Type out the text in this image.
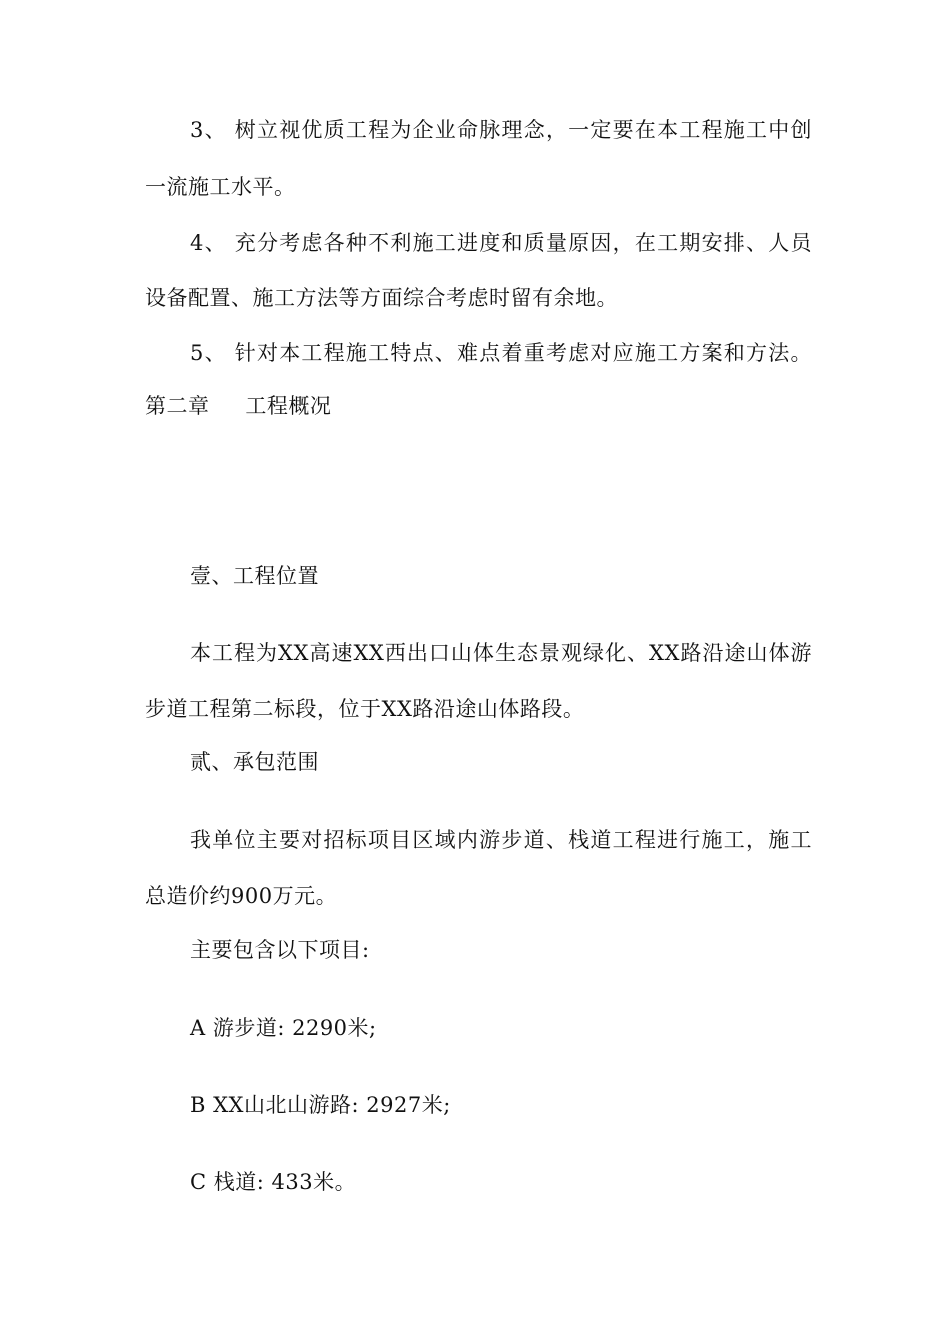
3、 树立视优质工程为企业命脉理念，一定要在本工程施工中创
一流施工水平。
4、 充分考虑各种不利施工进度和质量原因，在工期安排、人员
设备配置、施工方法等方面综合考虑时留有余地。
5、 针对本工程施工特点、难点着重考虑对应施工方案和方法。
第二章     工程概况
壹、工程位置
本工程为XX高速XX西出口山体生态景观绿化、XX路沿途山体游
步道工程第二标段，位于XX路沿途山体路段。
贰、承包范围
我单位主要对招标项目区域内游步道、栈道工程进行施工，施工
总造价约900万元。
主要包含以下项目:
A 游步道: 2290米;
B XX山北山游路: 2927米;
C 栈道: 433米。
